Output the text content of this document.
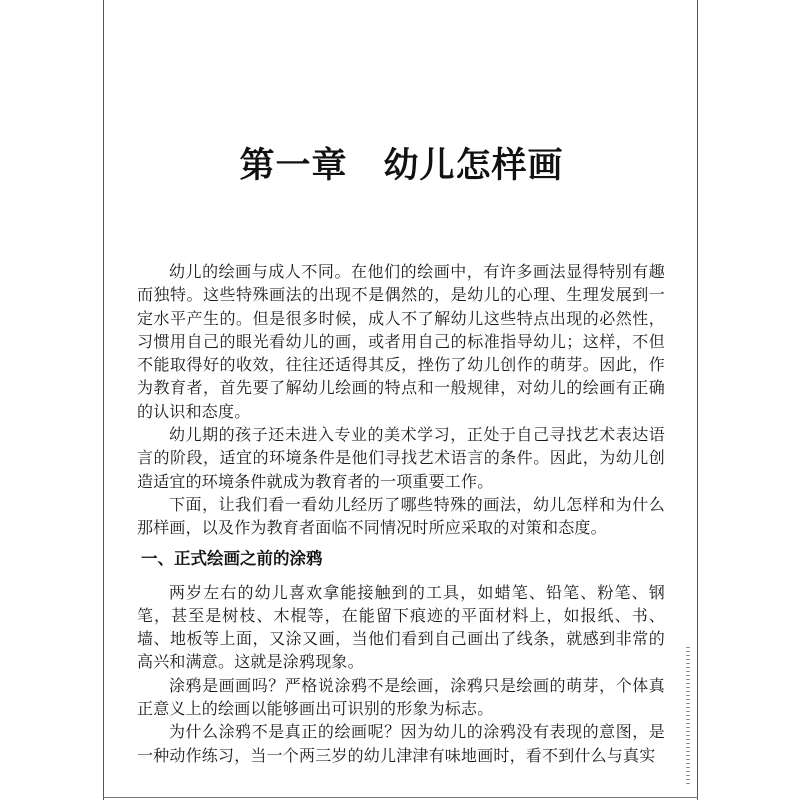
第一章　幼儿怎样画

幼儿的绘画与成人不同。在他们的绘画中，有许多画法显得特别有趣而独特。这些特殊画法的出现不是偶然的，是幼儿的心理、生理发展到一定水平产生的。但是很多时候，成人不了解幼儿这些特点出现的必然性，习惯用自己的眼光看幼儿的画，或者用自己的标准指导幼儿；这样，不但不能取得好的收效，往往还适得其反，挫伤了幼儿创作的萌芽。因此，作为教育者，首先要了解幼儿绘画的特点和一般规律，对幼儿的绘画有正确的认识和态度。

幼儿期的孩子还未进入专业的美术学习，正处于自己寻找艺术表达语言的阶段，适宜的环境条件是他们寻找艺术语言的条件。因此，为幼儿创造适宜的环境条件就成为教育者的一项重要工作。

下面，让我们看一看幼儿经历了哪些特殊的画法，幼儿怎样和为什么那样画，以及作为教育者面临不同情况时所应采取的对策和态度。

一、正式绘画之前的涂鸦

两岁左右的幼儿喜欢拿能接触到的工具，如蜡笔、铅笔、粉笔、钢笔，甚至是树枝、木棍等，在能留下痕迹的平面材料上，如报纸、书、墙、地板等上面，又涂又画，当他们看到自己画出了线条，就感到非常的高兴和满意。这就是涂鸦现象。

涂鸦是画画吗？严格说涂鸦不是绘画，涂鸦只是绘画的萌芽，个体真正意义上的绘画以能够画出可识别的形象为标志。

为什么涂鸦不是真正的绘画呢？因为幼儿的涂鸦没有表现的意图，是一种动作练习，当一个两三岁的幼儿津津有味地画时，看不到什么与真实
